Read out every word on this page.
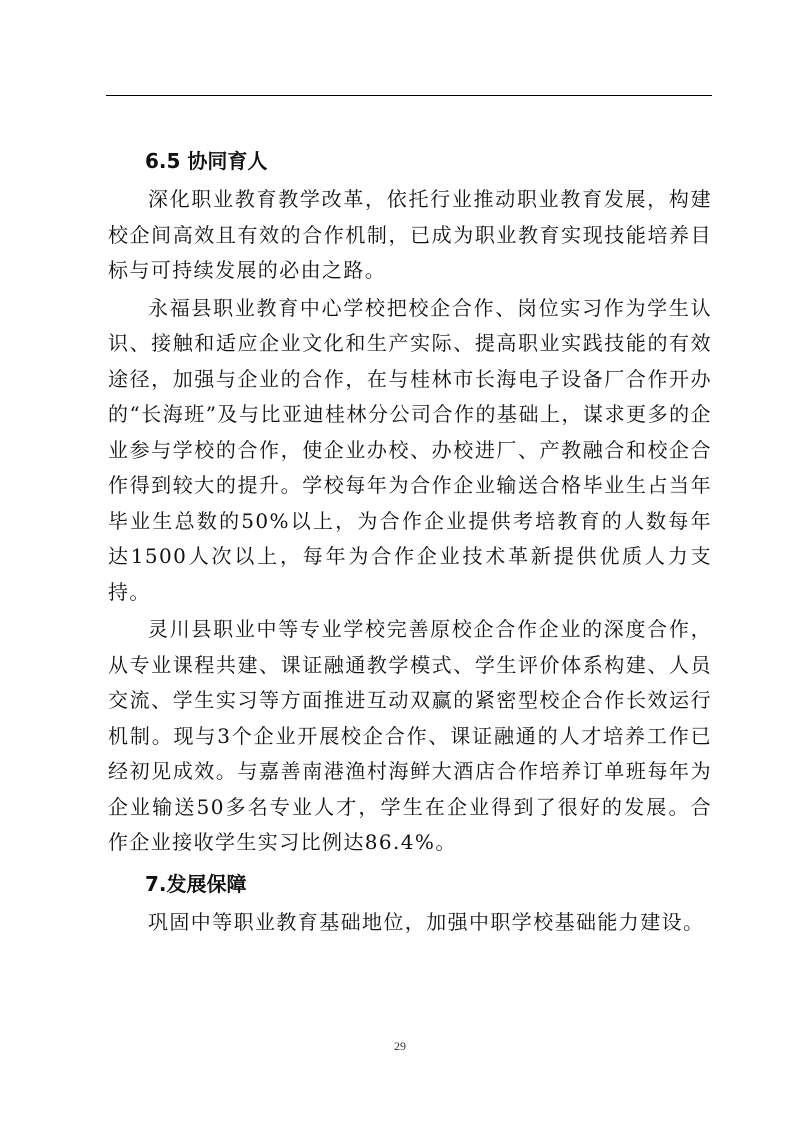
6.5 协同育人

深化职业教育教学改革，依托行业推动职业教育发展，构建校企间高效且有效的合作机制，已成为职业教育实现技能培养目标与可持续发展的必由之路。

永福县职业教育中心学校把校企合作、岗位实习作为学生认识、接触和适应企业文化和生产实际、提高职业实践技能的有效途径，加强与企业的合作，在与桂林市长海电子设备厂合作开办的“长海班”及与比亚迪桂林分公司合作的基础上，谋求更多的企业参与学校的合作，使企业办校、办校进厂、产教融合和校企合作得到较大的提升。学校每年为合作企业输送合格毕业生占当年毕业生总数的50%以上，为合作企业提供考培教育的人数每年达1500人次以上，每年为合作企业技术革新提供优质人力支持。

灵川县职业中等专业学校完善原校企合作企业的深度合作，从专业课程共建、课证融通教学模式、学生评价体系构建、人员交流、学生实习等方面推进互动双赢的紧密型校企合作长效运行机制。现与3个企业开展校企合作、课证融通的人才培养工作已经初见成效。与嘉善南港渔村海鲜大酒店合作培养订单班每年为企业输送50多名专业人才，学生在企业得到了很好的发展。合作企业接收学生实习比例达86.4%。

7.发展保障

巩固中等职业教育基础地位，加强中职学校基础能力建设。

29
